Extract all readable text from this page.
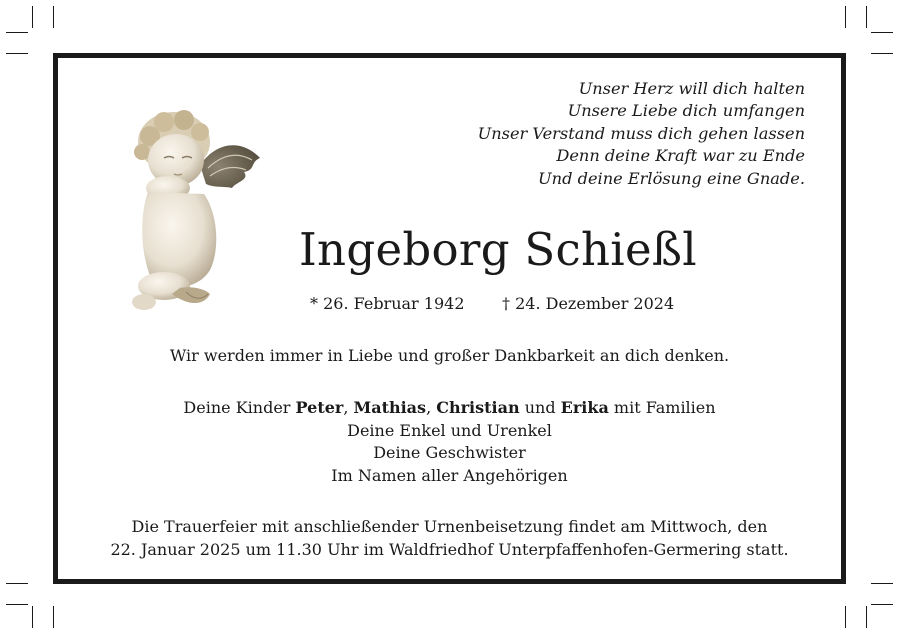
Unser Herz will dich halten
Unsere Liebe dich umfangen
Unser Verstand muss dich gehen lassen
Denn deine Kraft war zu Ende
Und deine Erlösung eine Gnade.
Ingeborg Schießl
* 26. Februar 1942 † 24. Dezember 2024
Wir werden immer in Liebe und großer Dankbarkeit an dich denken.
Deine Kinder Peter, Mathias, Christian und Erika mit Familien
Deine Enkel und Urenkel
Deine Geschwister
Im Namen aller Angehörigen
Die Trauerfeier mit anschließender Urnenbeisetzung findet am Mittwoch, den
22. Januar 2025 um 11.30 Uhr im Waldfriedhof Unterpfaffenhofen-Germering statt.
